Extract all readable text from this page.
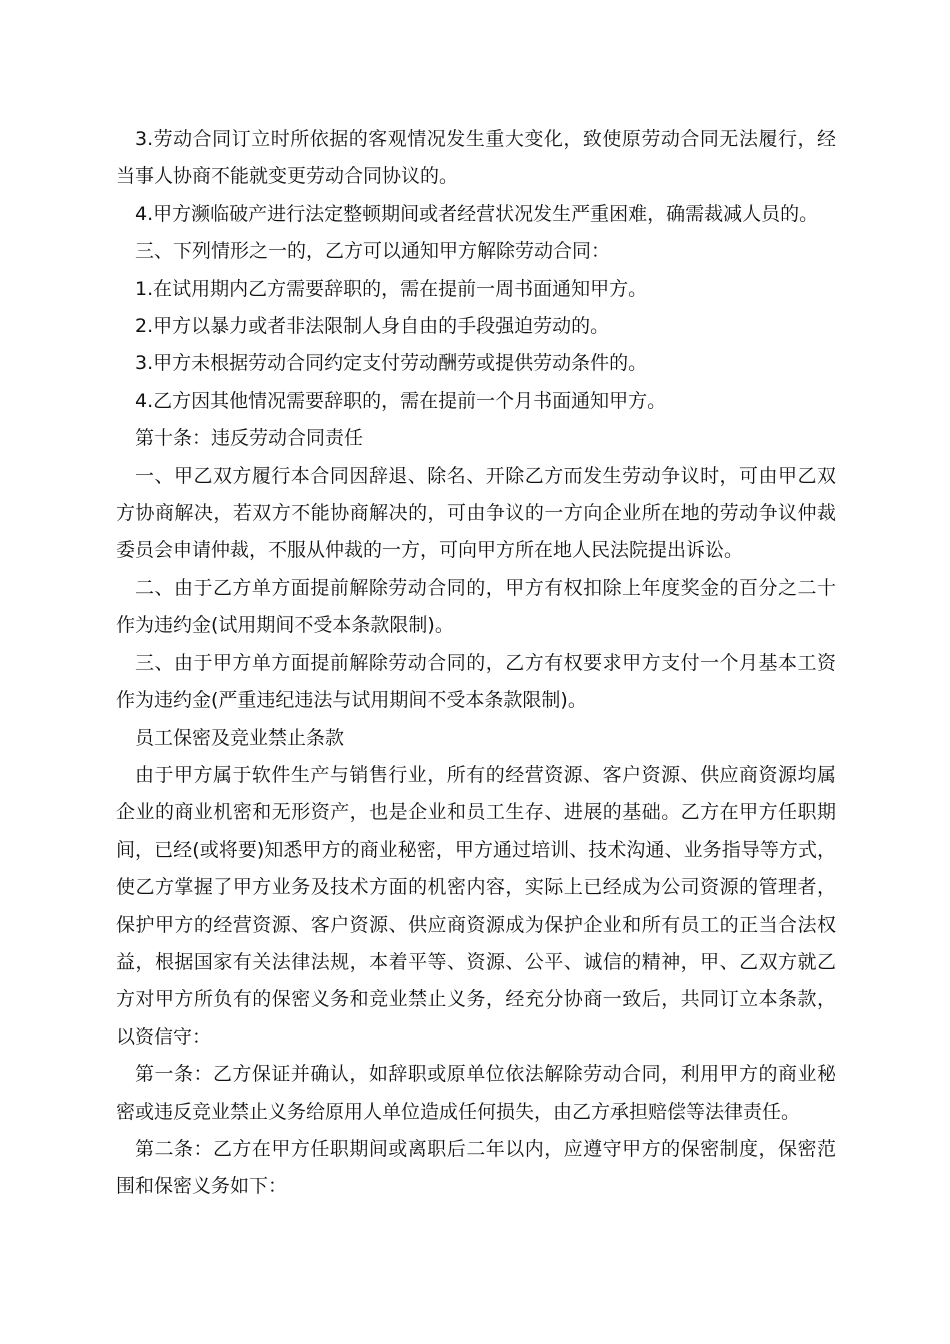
3.劳动合同订立时所依据的客观情况发生重大变化，致使原劳动合同无法履行，经当事人协商不能就变更劳动合同协议的。

4.甲方濒临破产进行法定整顿期间或者经营状况发生严重困难，确需裁减人员的。

三、下列情形之一的，乙方可以通知甲方解除劳动合同：

1.在试用期内乙方需要辞职的，需在提前一周书面通知甲方。

2.甲方以暴力或者非法限制人身自由的手段强迫劳动的。

3.甲方未根据劳动合同约定支付劳动酬劳或提供劳动条件的。

4.乙方因其他情况需要辞职的，需在提前一个月书面通知甲方。

第十条：违反劳动合同责任

一、甲乙双方履行本合同因辞退、除名、开除乙方而发生劳动争议时，可由甲乙双方协商解决，若双方不能协商解决的，可由争议的一方向企业所在地的劳动争议仲裁委员会申请仲裁，不服从仲裁的一方，可向甲方所在地人民法院提出诉讼。

二、由于乙方单方面提前解除劳动合同的，甲方有权扣除上年度奖金的百分之二十作为违约金(试用期间不受本条款限制)。

三、由于甲方单方面提前解除劳动合同的，乙方有权要求甲方支付一个月基本工资作为违约金(严重违纪违法与试用期间不受本条款限制)。

员工保密及竞业禁止条款

由于甲方属于软件生产与销售行业，所有的经营资源、客户资源、供应商资源均属企业的商业机密和无形资产，也是企业和员工生存、进展的基础。乙方在甲方任职期间，已经(或将要)知悉甲方的商业秘密，甲方通过培训、技术沟通、业务指导等方式，使乙方掌握了甲方业务及技术方面的机密内容，实际上已经成为公司资源的管理者，保护甲方的经营资源、客户资源、供应商资源成为保护企业和所有员工的正当合法权益，根据国家有关法律法规，本着平等、资源、公平、诚信的精神，甲、乙双方就乙方对甲方所负有的保密义务和竞业禁止义务，经充分协商一致后，共同订立本条款，以资信守：

第一条：乙方保证并确认，如辞职或原单位依法解除劳动合同，利用甲方的商业秘密或违反竞业禁止义务给原用人单位造成任何损失，由乙方承担赔偿等法律责任。

第二条：乙方在甲方任职期间或离职后二年以内，应遵守甲方的保密制度，保密范围和保密义务如下：
